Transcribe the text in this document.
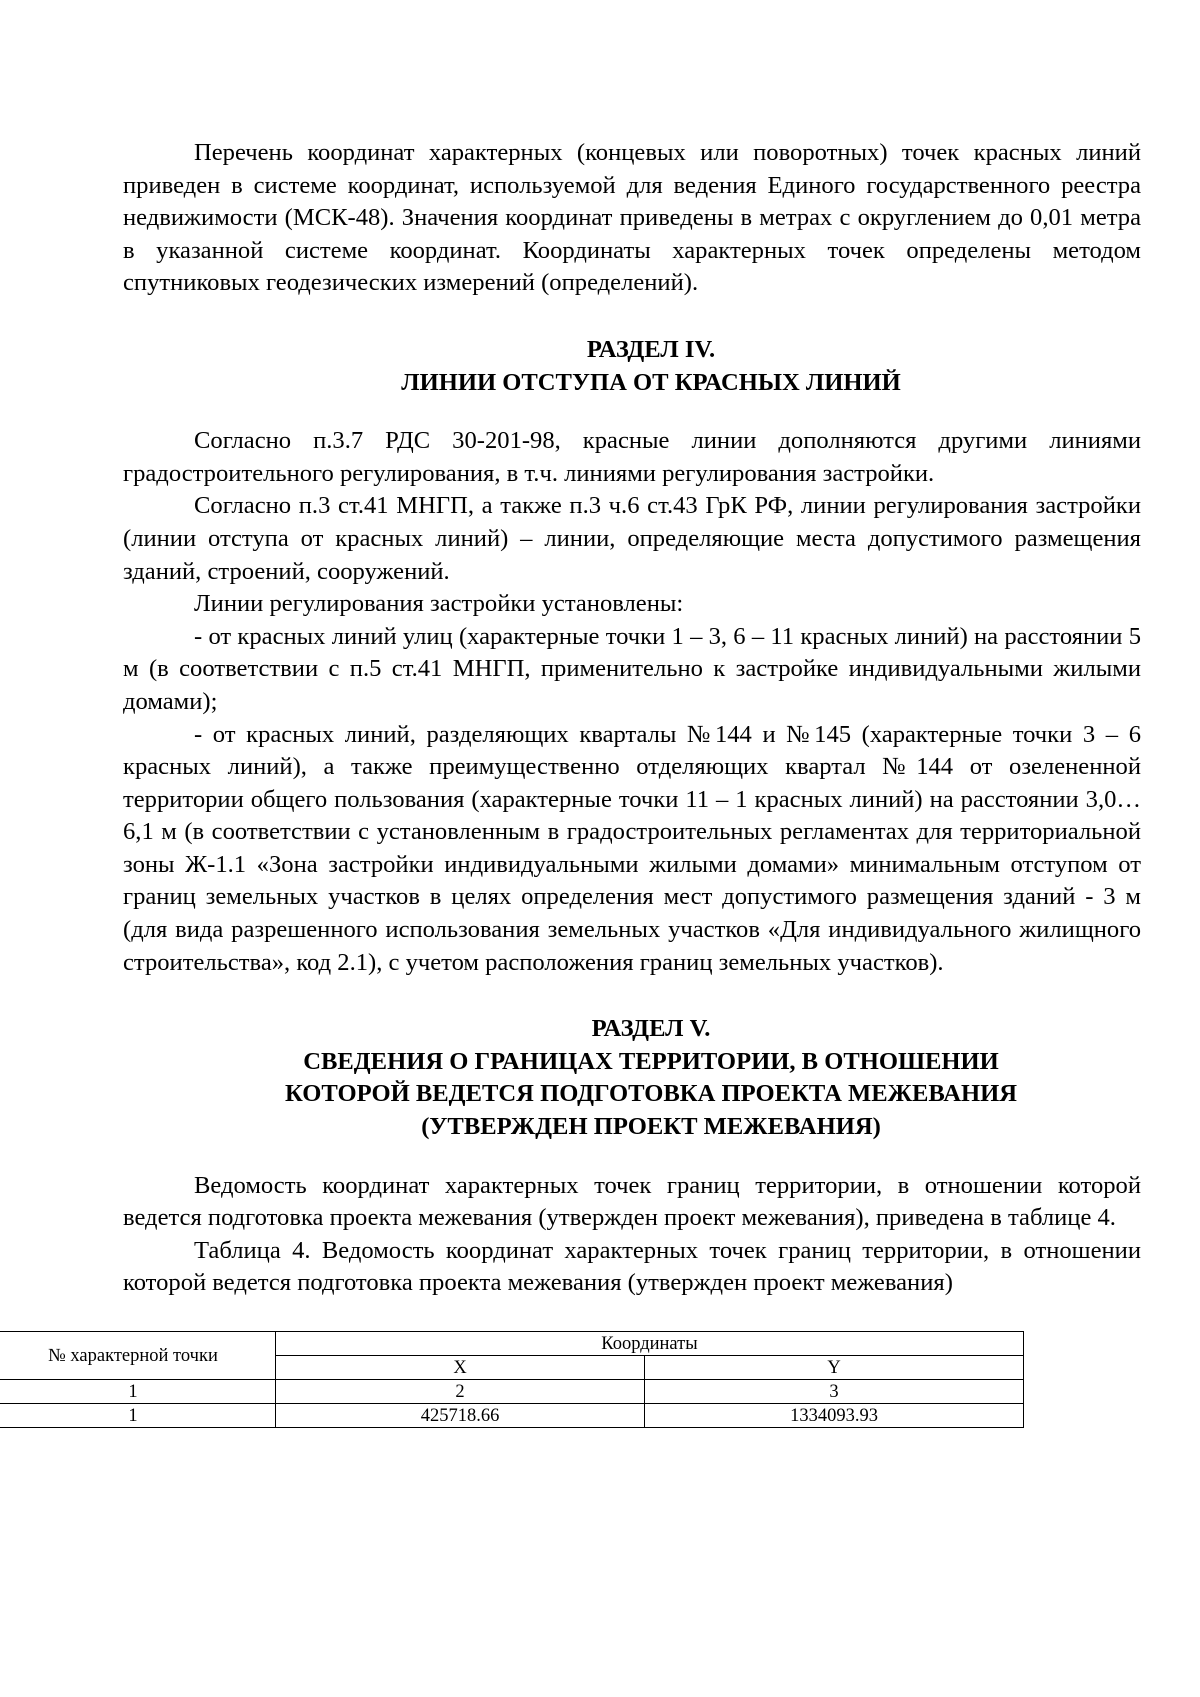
Перечень координат характерных (концевых или поворотных) точек красных линий приведен в системе координат, используемой для ведения Единого государственного реестра недвижимости (МСК-48). Значения координат приведены в метрах с округлением до 0,01 метра в указанной системе координат. Координаты характерных точек определены методом спутниковых геодезических измерений (определений).

РАЗДЕЛ IV.
ЛИНИИ ОТСТУПА ОТ КРАСНЫХ ЛИНИЙ

Согласно п.3.7 РДС 30-201-98, красные линии дополняются другими линиями градостроительного регулирования, в т.ч. линиями регулирования застройки.

Согласно п.3 ст.41 МНГП, а также п.3 ч.6 ст.43 ГрК РФ, линии регулирования застройки (линии отступа от красных линий) – линии, определяющие места допустимого размещения зданий, строений, сооружений.

Линии регулирования застройки установлены:

- от красных линий улиц (характерные точки 1 – 3, 6 – 11 красных линий) на расстоянии 5 м (в соответствии с п.5 ст.41 МНГП, применительно к застройке индивидуальными жилыми домами);

- от красных линий, разделяющих кварталы №144 и №145 (характерные точки 3 – 6 красных линий), а также преимущественно отделяющих квартал №144 от озелененной территории общего пользования (характерные точки 11 – 1 красных линий) на расстоянии 3,0…6,1 м (в соответствии с установленным в градостроительных регламентах для территориальной зоны Ж-1.1 «Зона застройки индивидуальными жилыми домами» минимальным отступом от границ земельных участков в целях определения мест допустимого размещения зданий - 3 м (для вида разрешенного использования земельных участков «Для индивидуального жилищного строительства», код 2.1), с учетом расположения границ земельных участков).

РАЗДЕЛ V.
СВЕДЕНИЯ О ГРАНИЦАХ ТЕРРИТОРИИ, В ОТНОШЕНИИ
КОТОРОЙ ВЕДЕТСЯ ПОДГОТОВКА ПРОЕКТА МЕЖЕВАНИЯ
(УТВЕРЖДЕН ПРОЕКТ МЕЖЕВАНИЯ)

Ведомость координат характерных точек границ территории, в отношении которой ведется подготовка проекта межевания (утвержден проект межевания), приведена в таблице 4.

Таблица 4. Ведомость координат характерных точек границ территории, в отношении которой ведется подготовка проекта межевания (утвержден проект межевания)

№ характерной точки	Координаты	
	X	Y
1	2	3
1	425718.66	1334093.93
